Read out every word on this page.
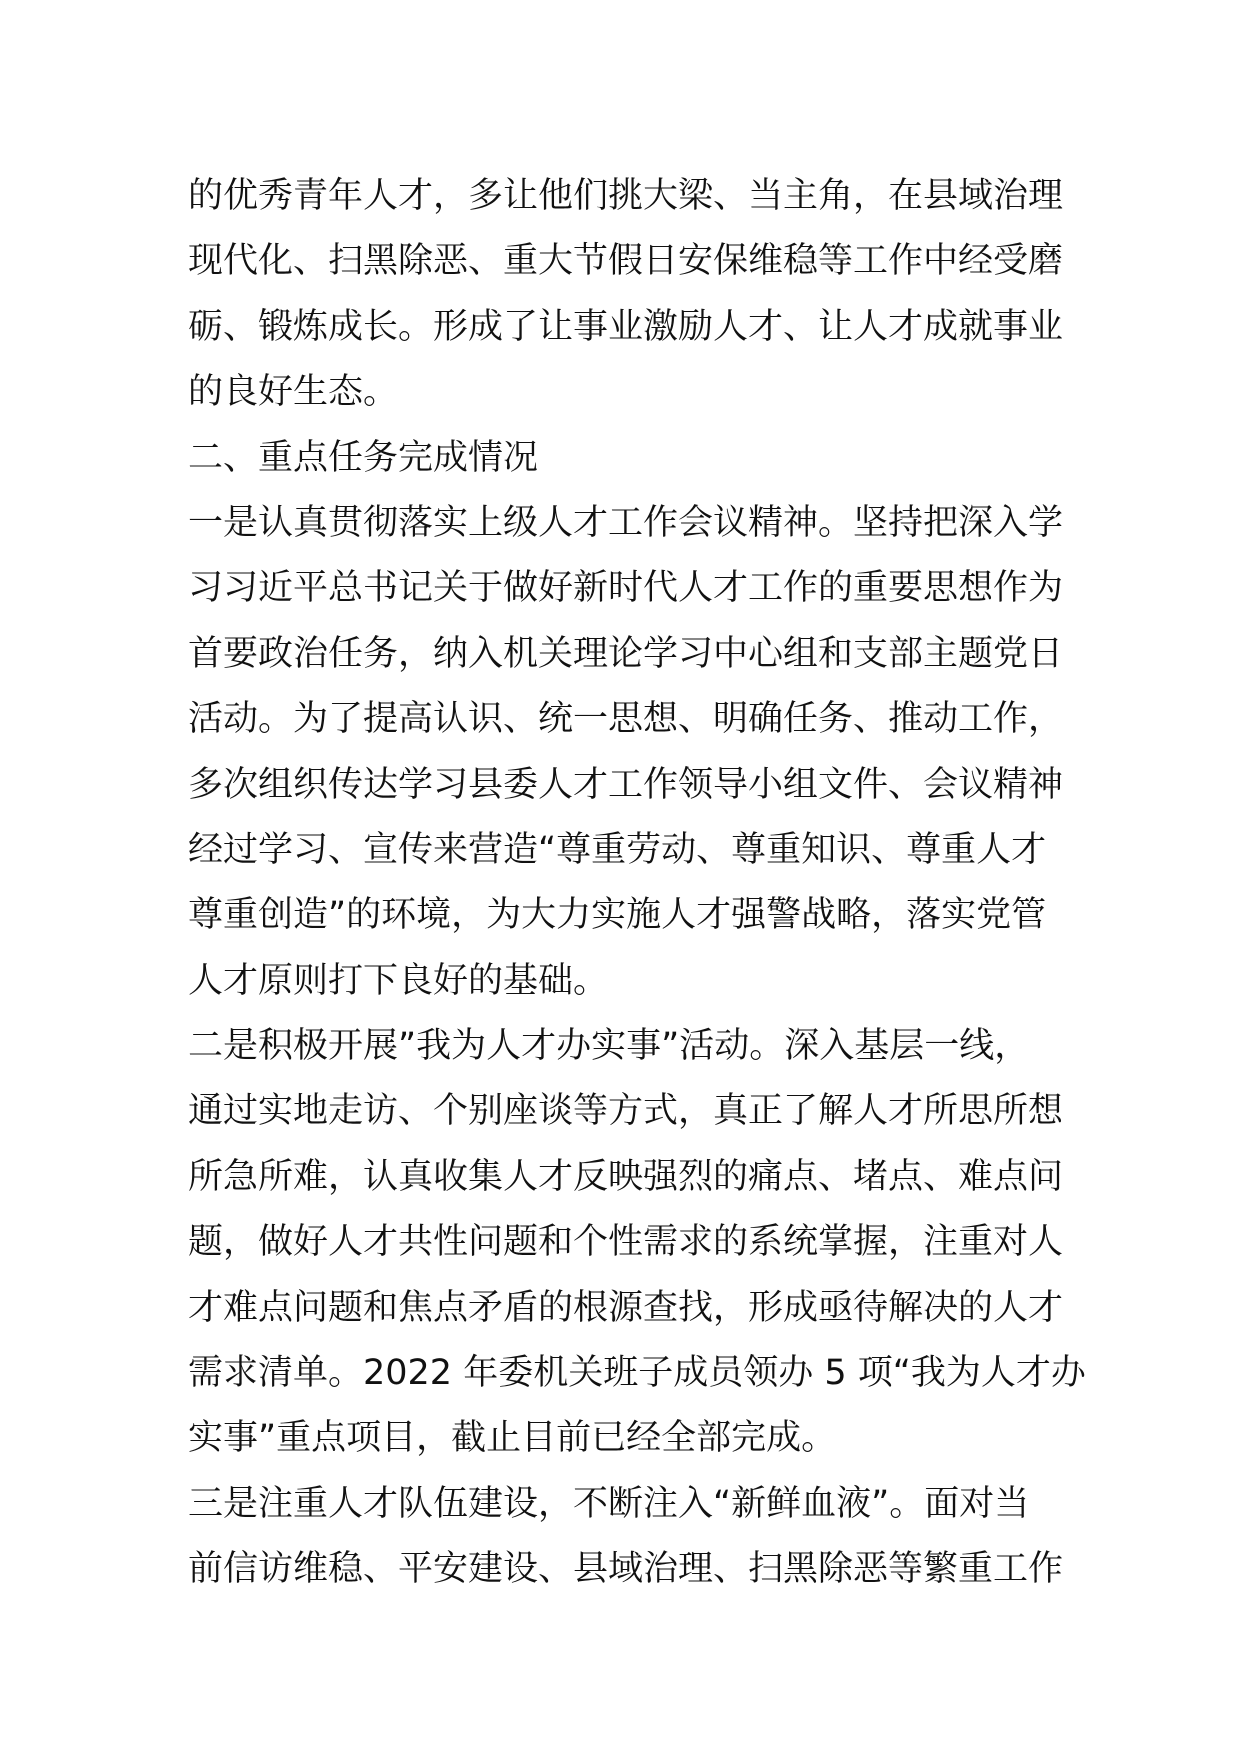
的优秀青年人才，多让他们挑大梁、当主角，在县域治理
现代化、扫黑除恶、重大节假日安保维稳等工作中经受磨
砺、锻炼成长。形成了让事业激励人才、让人才成就事业
的良好生态。
二、重点任务完成情况
一是认真贯彻落实上级人才工作会议精神。坚持把深入学
习习近平总书记关于做好新时代人才工作的重要思想作为
首要政治任务，纳入机关理论学习中心组和支部主题党日
活动。为了提高认识、统一思想、明确任务、推动工作，
多次组织传达学习县委人才工作领导小组文件、会议精神
经过学习、宣传来营造“尊重劳动、尊重知识、尊重人才
尊重创造”的环境，为大力实施人才强警战略，落实党管
人才原则打下良好的基础。
二是积极开展”我为人才办实事”活动。深入基层一线，
通过实地走访、个别座谈等方式，真正了解人才所思所想
所急所难，认真收集人才反映强烈的痛点、堵点、难点问
题，做好人才共性问题和个性需求的系统掌握，注重对人
才难点问题和焦点矛盾的根源查找，形成亟待解决的人才
需求清单。2022 年委机关班子成员领办 5 项“我为人才办
实事”重点项目，截止目前已经全部完成。
三是注重人才队伍建设，不断注入“新鲜血液”。面对当
前信访维稳、平安建设、县域治理、扫黑除恶等繁重工作
